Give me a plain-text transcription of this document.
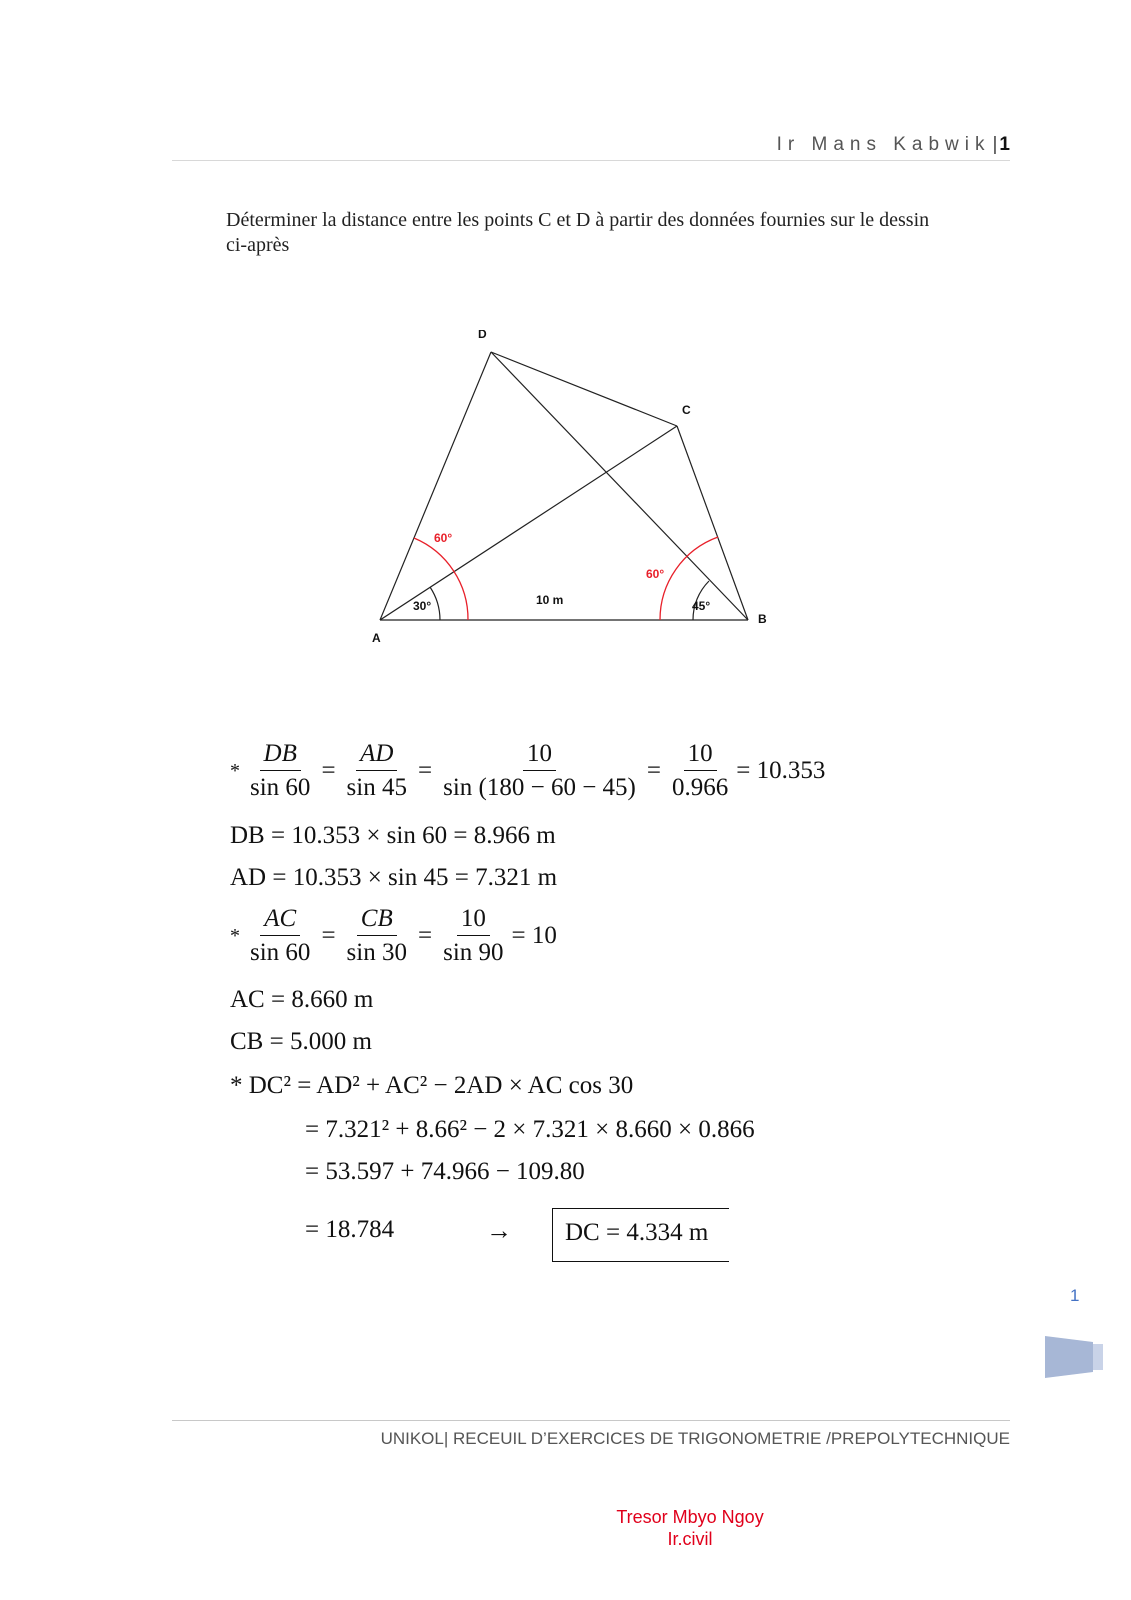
Ir Mans Kabwik | 1
Déterminer la distance entre les points C et D à partir des données fournies sur le dessin ci-après
A
B
C
D
30°	45°
10 m
60°
60°
* $\frac{DB}{\sin 60} = \frac{AD}{\sin 45} = \frac{10}{\sin (180 - 60 - 45)} = \frac{10}{0.966} = 10.353$
DB = 10.353 × sin 60 = 8.966 m
AD = 10.353 × sin 45 = 7.321 m
* $\frac{AC}{\sin 60} = \frac{CB}{\sin 30} = \frac{10}{\sin 90} = 10$
AC = 8.660 m
CB = 5.000 m
* DC² = AD² + AC² − 2AD × AC cos 30
= 7.321² + 8.66² − 2 × 7.321 × 8.660 × 0.866
= 53.597 + 74.966 − 109.80
= 18.784	→ DC = 4.334 m
1
UNIKOL| RECEUIL D’EXERCICES DE TRIGONOMETRIE /PREPOLYTECHNIQUE
Tresor Mbyo Ngoy
Ir.civil
